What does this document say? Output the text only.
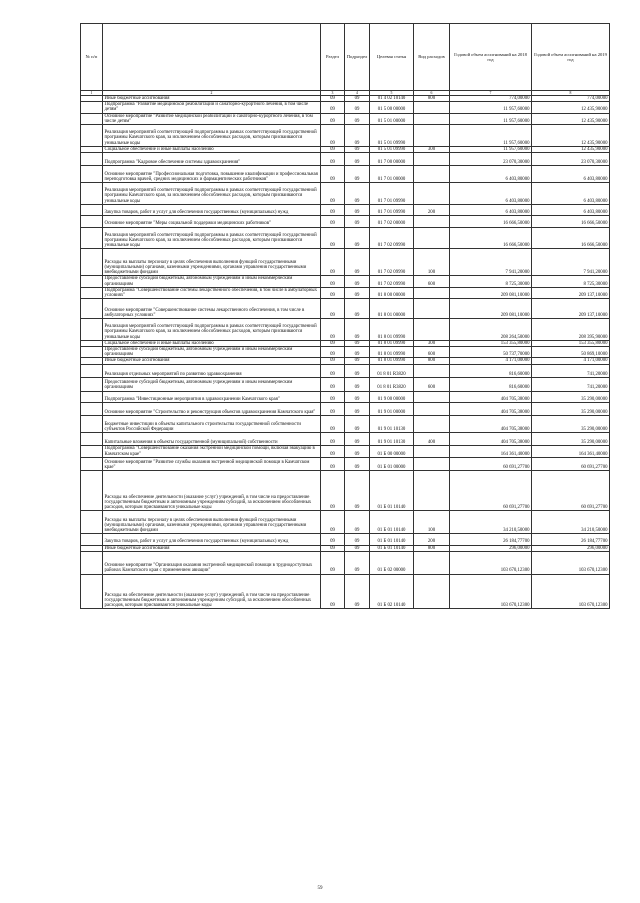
№ п/п		Раздел	Подраздел	Целевая статья	Вид расходов	Годовой объем ассигнований на 2018 год	Годовой объем ассигнований на 2019 год
1	2	3	4	5	6	7	8
	Иные бюджетные ассигнования	09	09	01 4 02 10140	800	774,00000	774,00000
	Подпрограмма "Развитие медицинской реабилитации и санаторно-курортного лечения, в том числе детям"	09	09	01 5 00 00000		11 957,60000	12 435,90000
	Основное мероприятие "Развитие медицинской реабилитации и санаторно-курортного лечения, в том числе детям"	09	09	01 5 01 00000		11 957,60000	12 435,90000
	Реализация мероприятий соответствующей подпрограммы в рамках соответствующей государственной программы Камчатского края, за исключением обособленных расходов, которым присваиваются уникальные коды	09	09	01 5 01 09990		11 957,60000	12 435,90000
	Социальное обеспечение и иные выплаты населению	09	09	01 5 01 09990	300	11 957,60000	12 435,90000
	Подпрограмма "Кадровое обеспечение системы здравоохранения"	09	09	01 7 00 00000		23 070,30000	23 070,30000
	Основное мероприятие "Профессиональная подготовка, повышение квалификации и профессиональная переподготовка врачей, средних медицинских и фармацевтических работников"	09	09	01 7 01 00000		6 403,80000	6 403,80000
	Реализация мероприятий соответствующей подпрограммы в рамках соответствующей государственной программы Камчатского края, за исключением обособленных расходов, которым присваиваются уникальные коды	09	09	01 7 01 09990		6 403,80000	6 403,80000
	Закупка товаров, работ и услуг для обеспечения государственных (муниципальных) нужд	09	09	01 7 01 09990	200	6 403,80000	6 403,80000
	Основное мероприятие "Меры социальной поддержки медицинских работников"	09	09	01 7 02 00000		16 666,50000	16 666,50000
	Реализация мероприятий соответствующей подпрограммы в рамках соответствующей государственной программы Камчатского края, за исключением обособленных расходов, которым присваиваются уникальные коды	09	09	01 7 02 09990		16 666,50000	16 666,50000
	Расходы на выплаты персоналу в целях обеспечения выполнения функций государственными (муниципальными) органами, казенными учреждениями, органами управления государственными внебюджетными фондами	09	09	01 7 02 09990	100	7 941,20000	7 941,20000
	Предоставление субсидий бюджетным, автономным учреждениям и иным некоммерческим организациям	09	09	01 7 02 09990	600	8 725,30000	8 725,30000
	Подпрограмма "Совершенствование системы лекарственного обеспечения, в том числе в амбулаторных условиях"	09	09	01 8 00 00000		209 081,10000	209 137,10000
	Основное мероприятие "Совершенствование системы лекарственного обеспечения, в том числе в амбулаторных условиях"	09	09	01 8 01 00000		209 081,10000	209 137,10000
	Реализация мероприятий соответствующей подпрограммы в рамках соответствующей государственной программы Камчатского края, за исключением обособленных расходов, которым присваиваются уникальные коды	09	09	01 8 01 09990		208 264,50000	208 395,90000
	Социальное обеспечение и иные выплаты населению	09	09	01 8 01 09990	300	153 355,80000	153 355,80000
	Предоставление субсидий бюджетным, автономным учреждениям и иным некоммерческим организациям	09	09	01 8 01 09990	600	50 737,70000	50 869,10000
	Иные бюджетные ассигнования	09	09	01 8 01 09990	800	4 171,00000	4 171,00000
	Реализация отдельных мероприятий по развитию здравоохранения	09	09	01 8 01 R3820		816,60000	741,20000
	Предоставление субсидий бюджетным, автономным учреждениям и иным некоммерческим организациям	09	09	01 8 01 R3820	600	816,60000	741,20000
	Подпрограмма "Инвестиционные мероприятия в здравоохранении Камчатского края"	09	09	01 9 00 00000		404 705,38000	35 290,00000
	Основное мероприятие "Строительство и реконструкция объектов здравоохранения Камчатского края"	09	09	01 9 01 00000		404 705,38000	35 290,00000
	Бюджетные инвестиции в объекты капитального строительства государственной собственности субъектов Российской Федерации	09	09	01 9 01 10130		404 705,38000	35 290,00000
	Капитальные вложения в объекты государственной (муниципальной) собственности	09	09	01 9 01 10130	400	404 705,38000	35 290,00000
	Подпрограмма "Совершенствование оказания экстренной медицинской помощи, включая эвакуацию в Камчатском крае"	09	09	01 Б 00 00000		164 361,40000	164 361,40000
	Основное мероприятие "Развитие службы оказания экстренной медицинской помощи в Камчатском крае"	09	09	01 Б 01 00000		60 691,27700	60 691,27700
	Расходы на обеспечение деятельности (оказание услуг) учреждений, в том числе на предоставление государственным бюджетным и автономным учреждениям субсидий, за исключением обособленных расходов, которым присваиваются уникальные коды	09	09	01 Б 01 10140		60 691,27700	60 691,27700
	Расходы на выплаты персоналу в целях обеспечения выполнения функций государственными (муниципальными) органами, казенными учреждениями, органами управления государственными внебюджетными фондами	09	09	01 Б 01 10140	100	34 210,50000	34 210,50000
	Закупка товаров, работ и услуг для обеспечения государственных (муниципальных) нужд	09	09	01 Б 01 10140	200	26 184,77700	26 184,77700
	Иные бюджетные ассигнования	09	09	01 Б 01 10140	800	296,00000	296,00000
	Основное мероприятие "Организация оказания экстренной медицинской помощи в труднодоступных районах Камчатского края с применением авиации"	09	09	01 Б 02 00000		103 670,12300	103 670,12300
	Расходы на обеспечение деятельности (оказание услуг) учреждений, в том числе на предоставление государственным бюджетным и автономным учреждениям субсидий, за исключением обособленных расходов, которым присваиваются уникальные коды	09	09	01 Б 02 10140		103 670,12300	103 670,12300
59
